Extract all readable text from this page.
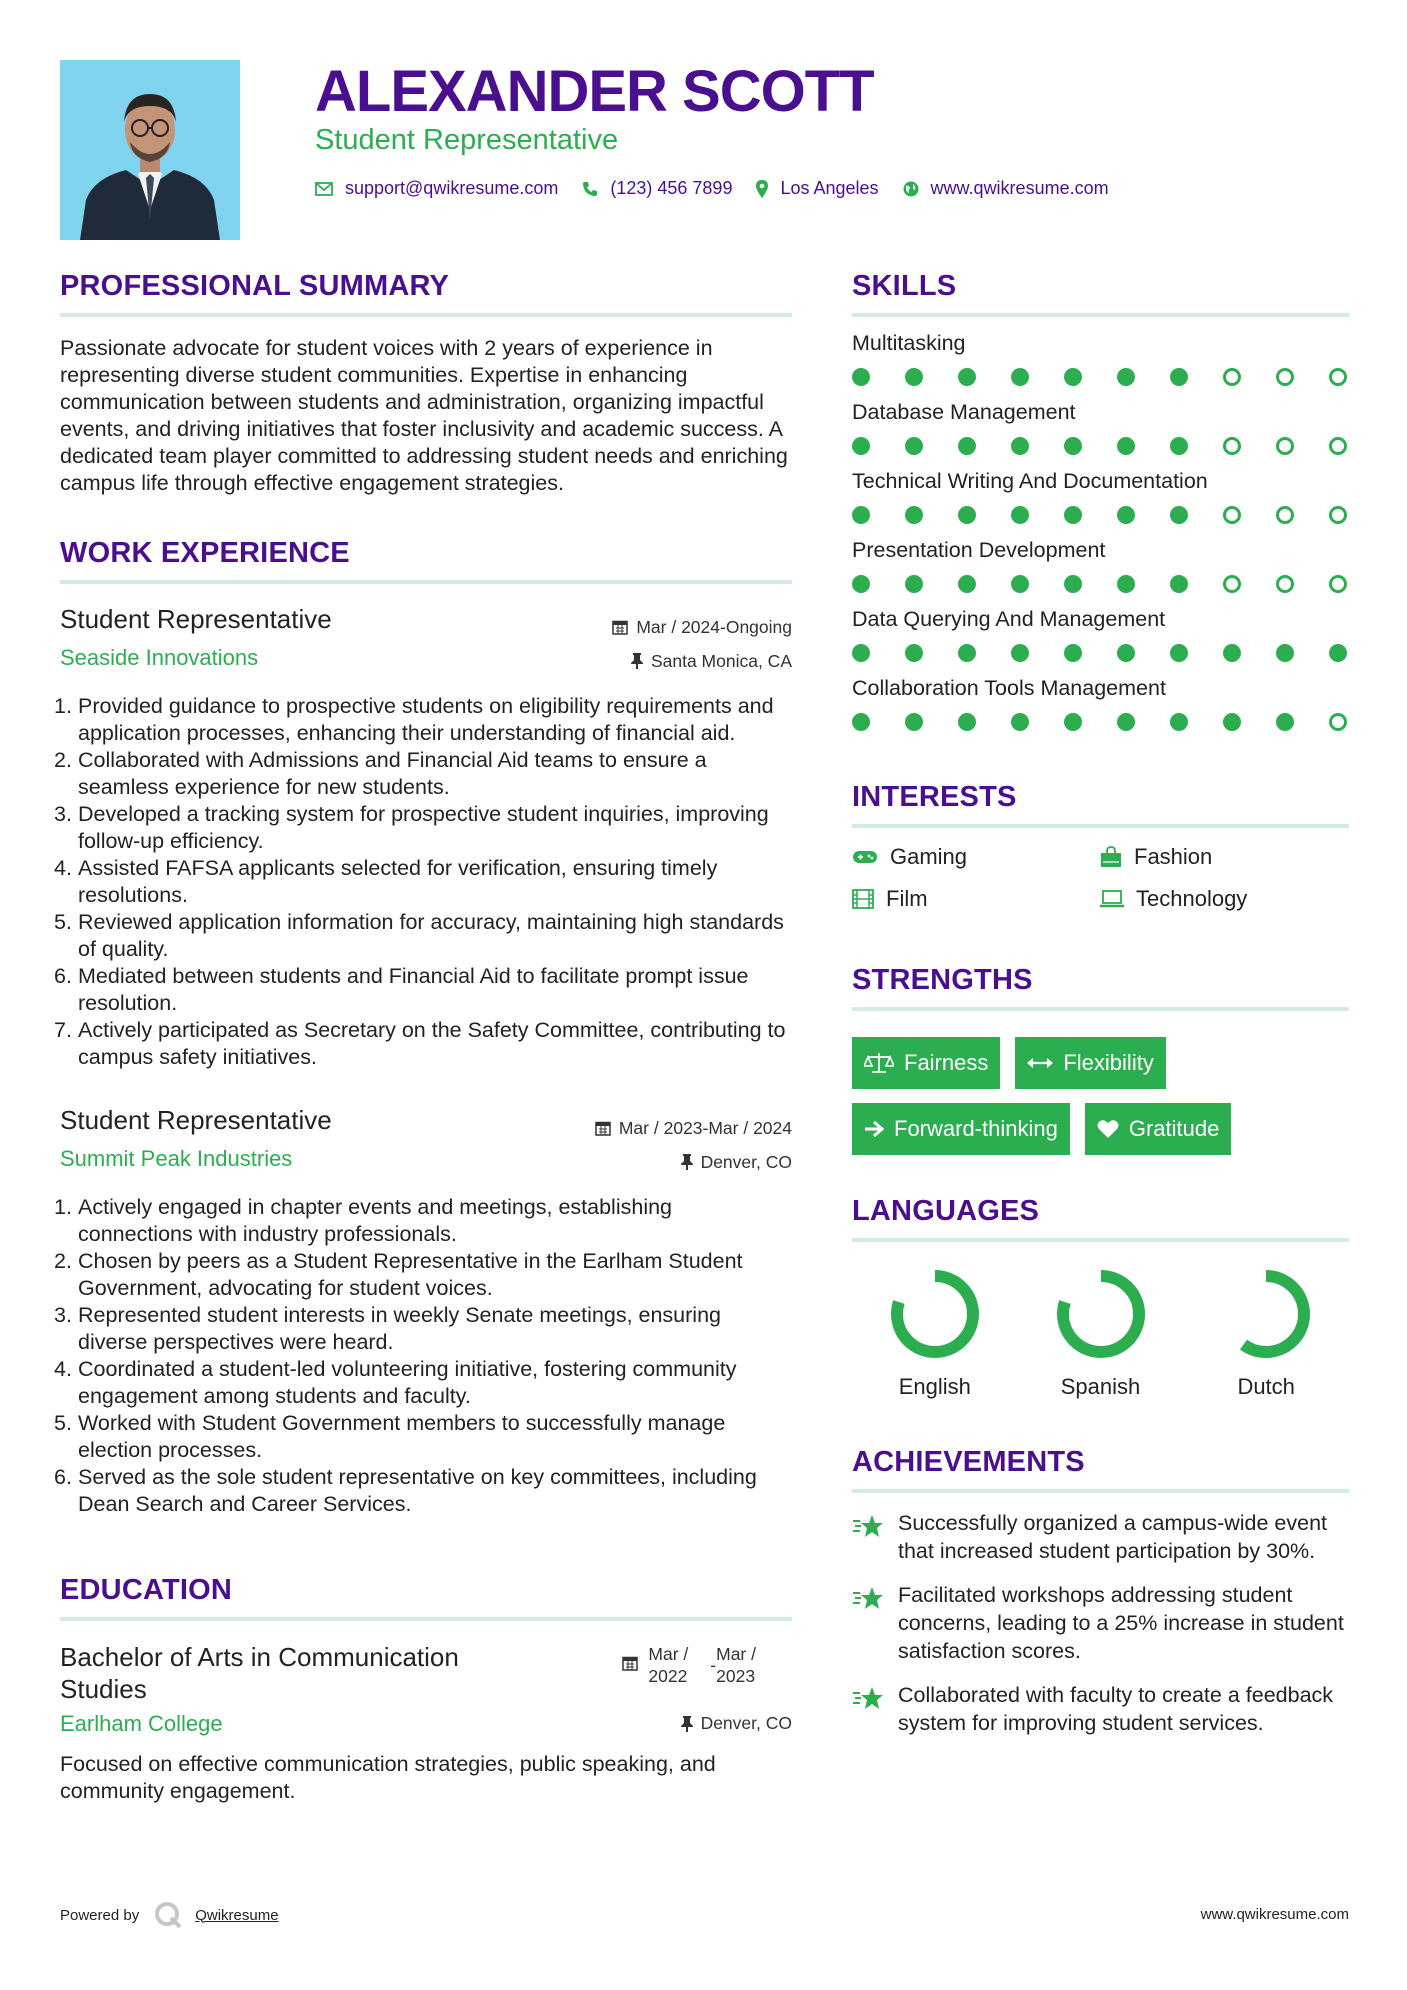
ALEXANDER SCOTT
Student Representative
support@qwikresume.com	(123) 456 7899	Los Angeles	www.qwikresume.com
PROFESSIONAL SUMMARY
Passionate advocate for student voices with 2 years of experience in representing diverse student communities. Expertise in enhancing communication between students and administration, organizing impactful events, and driving initiatives that foster inclusivity and academic success. A dedicated team player committed to addressing student needs and enriching campus life through effective engagement strategies.
WORK EXPERIENCE
Student Representative
Seaside Innovations
Mar / 2024-Ongoing
Santa Monica, CA
Provided guidance to prospective students on eligibility requirements and application processes, enhancing their understanding of financial aid.
Collaborated with Admissions and Financial Aid teams to ensure a seamless experience for new students.
Developed a tracking system for prospective student inquiries, improving follow-up efficiency.
Assisted FAFSA applicants selected for verification, ensuring timely resolutions.
Reviewed application information for accuracy, maintaining high standards of quality.
Mediated between students and Financial Aid to facilitate prompt issue resolution.
Actively participated as Secretary on the Safety Committee, contributing to campus safety initiatives.
Student Representative
Summit Peak Industries
Mar / 2023-Mar / 2024
Denver, CO
Actively engaged in chapter events and meetings, establishing connections with industry professionals.
Chosen by peers as a Student Representative in the Earlham Student Government, advocating for student voices.
Represented student interests in weekly Senate meetings, ensuring diverse perspectives were heard.
Coordinated a student-led volunteering initiative, fostering community engagement among students and faculty.
Worked with Student Government members to successfully manage election processes.
Served as the sole student representative on key committees, including Dean Search and Career Services.
EDUCATION
Bachelor of Arts in Communication
Studies
Earlham College
Mar /
2022
-
Mar /
2023
Denver, CO
Focused on effective communication strategies, public speaking, and community engagement.
SKILLS
Multitasking
Database Management
Technical Writing And Documentation
Presentation Development
Data Querying And Management
Collaboration Tools Management
INTERESTS
Gaming	Fashion
Film	Technology
STRENGTHS
Fairness	Flexibility
Forward-thinking	Gratitude
LANGUAGES
English	Spanish	Dutch
ACHIEVEMENTS
Successfully organized a campus-wide event that increased student participation by 30%.
Facilitated workshops addressing student concerns, leading to a 25% increase in student satisfaction scores.
Collaborated with faculty to create a feedback system for improving student services.
Powered by	Qwikresume	www.qwikresume.com
